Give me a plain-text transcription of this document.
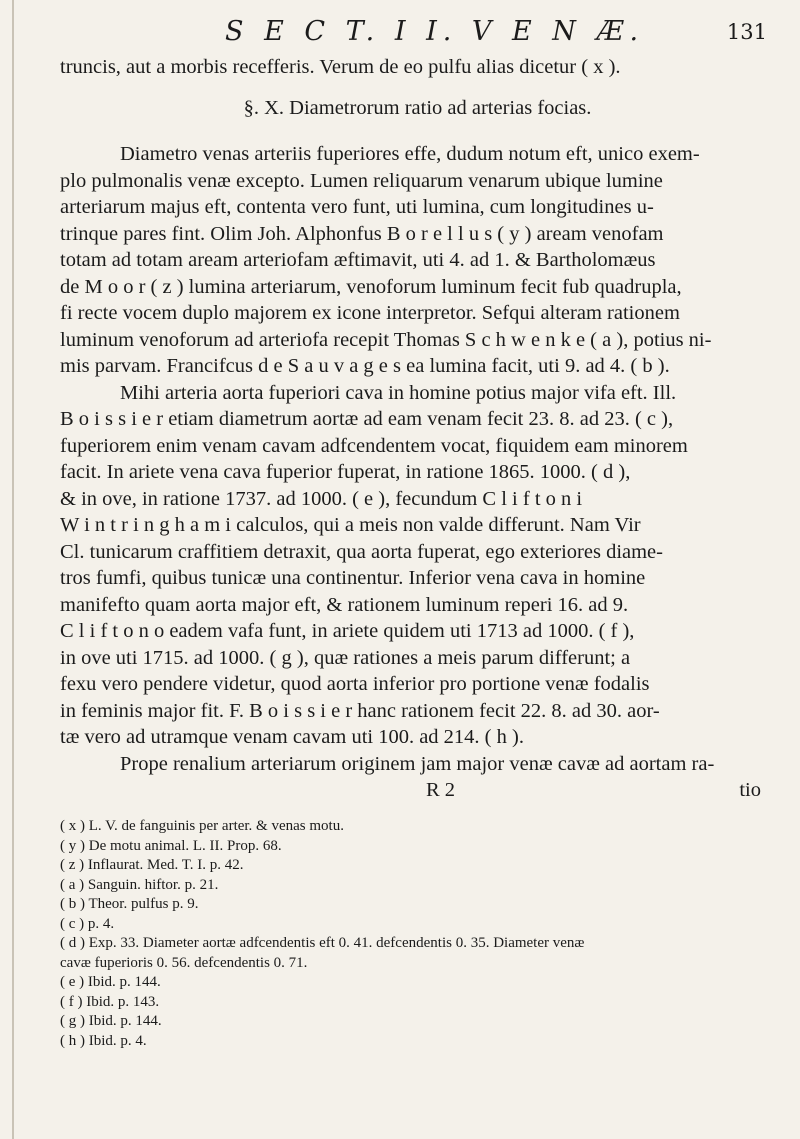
S E C T. I I. V E N Æ.	131
truncis, aut a morbis recefferis. Verum de eo pulfu alias dicetur ( x ).
§. X. Diametrorum ratio ad arterias focias.
Diametro venas arteriis fuperiores effe, dudum notum eft, unico exem-
plo pulmonalis venæ excepto. Lumen reliquarum venarum ubique lumine
arteriarum majus eft, contenta vero funt, uti lumina, cum longitudines u-
trinque pares fint. Olim Joh. Alphonfus B o r e l l u s ( y ) aream venofam
totam ad totam aream arteriofam æftimavit, uti 4. ad 1. & Bartholomæus
de M o o r ( z ) lumina arteriarum, venoforum luminum fecit fub quadrupla,
fi recte vocem duplo majorem ex icone interpretor. Sefqui alteram rationem
luminum venoforum ad arteriofa recepit Thomas S c h w e n k e ( a ), potius ni-
mis parvam. Francifcus d e S a u v a g e s ea lumina facit, uti 9. ad 4. ( b ).
Mihi arteria aorta fuperiori cava in homine potius major vifa eft. Ill.
B o i s s i e r etiam diametrum aortæ ad eam venam fecit 23. 8. ad 23. ( c ),
fuperiorem enim venam cavam adfcendentem vocat, fiquidem eam minorem
facit. In ariete vena cava fuperior fuperat, in ratione 1865. 1000. ( d ),
& in ove, in ratione 1737. ad 1000. ( e ), fecundum C l i f t o n i
W i n t r i n g h a m i calculos, qui a meis non valde differunt. Nam Vir
Cl. tunicarum craffitiem detraxit, qua aorta fuperat, ego exteriores diame-
tros fumfi, quibus tunicæ una continentur. Inferior vena cava in homine
manifefto quam aorta major eft, & rationem luminum reperi 16. ad 9.
C l i f t o n o eadem vafa funt, in ariete quidem uti 1713 ad 1000. ( f ),
in ove uti 1715. ad 1000. ( g ), quæ rationes a meis parum differunt; a
fexu vero pendere videtur, quod aorta inferior pro portione venæ fodalis
in feminis major fit. F. B o i s s i e r hanc rationem fecit 22. 8. ad 30. aor-
tæ vero ad utramque venam cavam uti 100. ad 214. ( h ).
Prope renalium arteriarum originem jam major venæ cavæ ad aortam ra-
R 2	tio
( x ) L. V. de fanguinis per arter. & venas motu.
( y ) De motu animal. L. II. Prop. 68.
( z ) Inflaurat. Med. T. I. p. 42.
( a ) Sanguin. hiftor. p. 21.
( b ) Theor. pulfus p. 9.
( c ) p. 4.
( d ) Exp. 33. Diameter aortæ adfcendentis eft 0. 41. defcendentis 0. 35. Diameter venæ
cavæ fuperioris 0. 56. defcendentis 0. 71.
( e ) Ibid. p. 144.
( f ) Ibid. p. 143.
( g ) Ibid. p. 144.
( h ) Ibid. p. 4.
